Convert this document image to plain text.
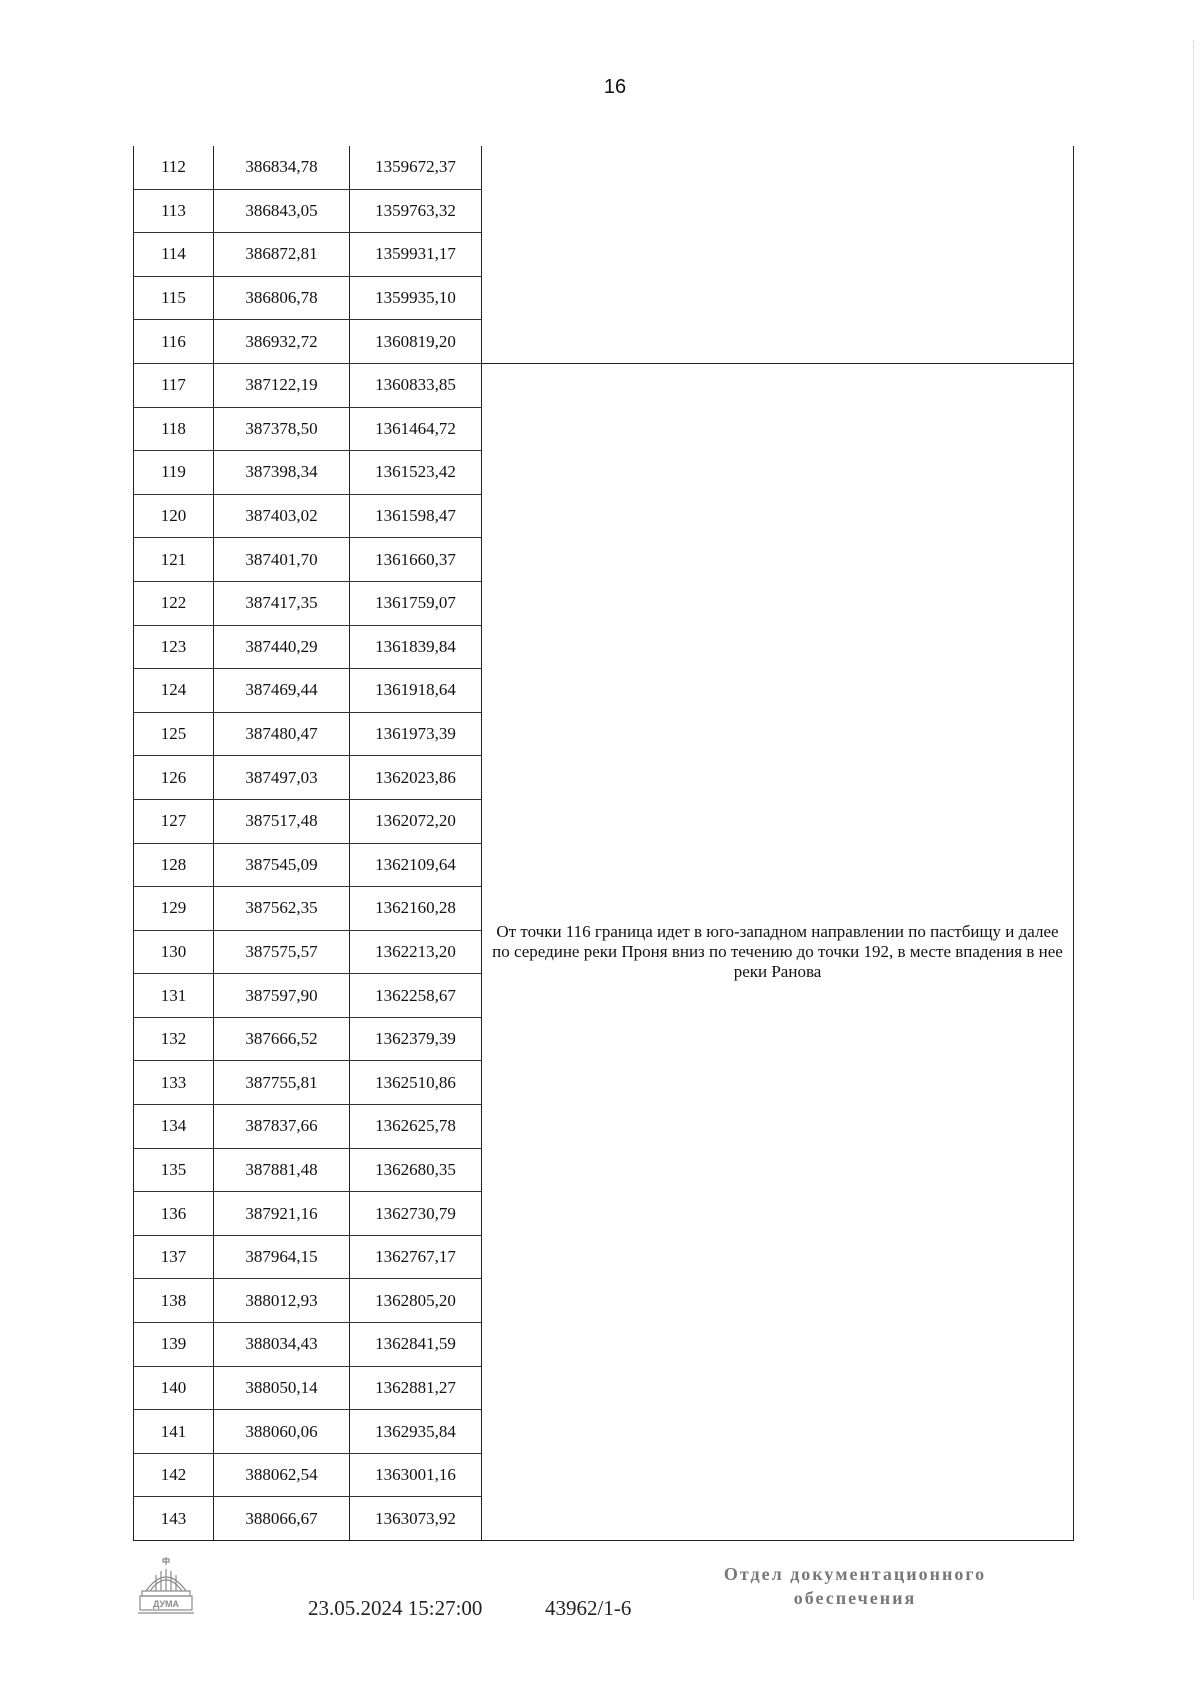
16
112	386834,78	1359672,37	
113	386843,05	1359763,32	
114	386872,81	1359931,17	
115	386806,78	1359935,10	
116	386932,72	1360819,20	
117	387122,19	1360833,85	От точки 116 граница идет в юго-западном направлении по пастбищу и далее по середине реки Проня вниз по течению до точки 192, в месте впадения в нее реки Ранова
118	387378,50	1361464,72	
119	387398,34	1361523,42	
120	387403,02	1361598,47	
121	387401,70	1361660,37	
122	387417,35	1361759,07	
123	387440,29	1361839,84	
124	387469,44	1361918,64	
125	387480,47	1361973,39	
126	387497,03	1362023,86	
127	387517,48	1362072,20	
128	387545,09	1362109,64	
129	387562,35	1362160,28	
130	387575,57	1362213,20	
131	387597,90	1362258,67	
132	387666,52	1362379,39	
133	387755,81	1362510,86	
134	387837,66	1362625,78	
135	387881,48	1362680,35	
136	387921,16	1362730,79	
137	387964,15	1362767,17	
138	388012,93	1362805,20	
139	388034,43	1362841,59	
140	388050,14	1362881,27	
141	388060,06	1362935,84	
142	388062,54	1363001,16	
143	388066,67	1363073,92	
ДУМА	23.05.2024 15:27:00	43962/1-6
Отдел документационного
обеспечения
